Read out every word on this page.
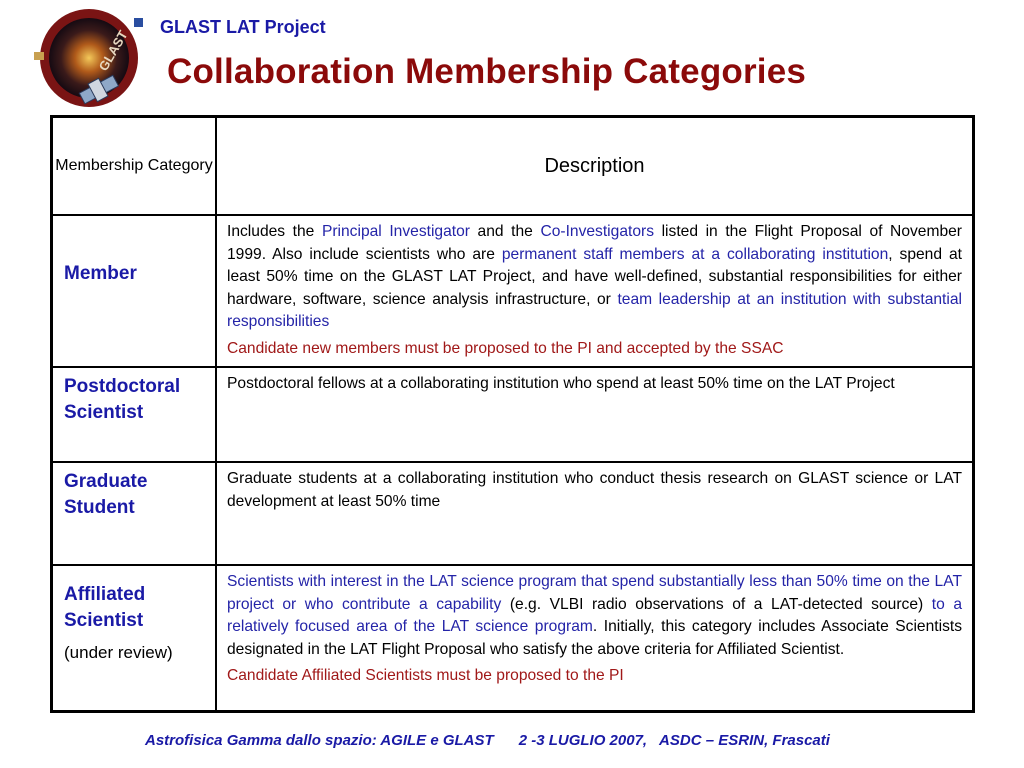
GLAST
GLAST LAT Project
Collaboration Membership Categories
Membership Category	Description

Member	Includes the Principal Investigator and the Co-Investigators listed in the Flight Proposal of November 1999. Also include scientists who are permanent staff members at a collaborating institution, spend at least 50% time on the GLAST LAT Project, and have well-defined, substantial responsibilities for either hardware, software, science analysis infrastructure, or team leadership at an institution with substantial responsibilities
Candidate new members must be proposed to the PI and accepted by the SSAC

Postdoctoral Scientist	Postdoctoral fellows at a collaborating institution who spend at least 50% time on the LAT Project

Graduate Student	Graduate students at a collaborating institution who conduct thesis research on GLAST science or LAT development at least 50% time

Affiliated Scientist
(under review)	Scientists with interest in the LAT science program that spend substantially less than 50% time on the LAT project or who contribute a capability (e.g. VLBI radio observations of a LAT-detected source) to a relatively focused area of the LAT science program. Initially, this category includes Associate Scientists designated in the LAT Flight Proposal who satisfy the above criteria for Affiliated Scientist.
Candidate Affiliated Scientists must be proposed to the PI
Astrofisica Gamma dallo spazio: AGILE e GLAST 2 -3 LUGLIO 2007, ASDC – ESRIN, Frascati
